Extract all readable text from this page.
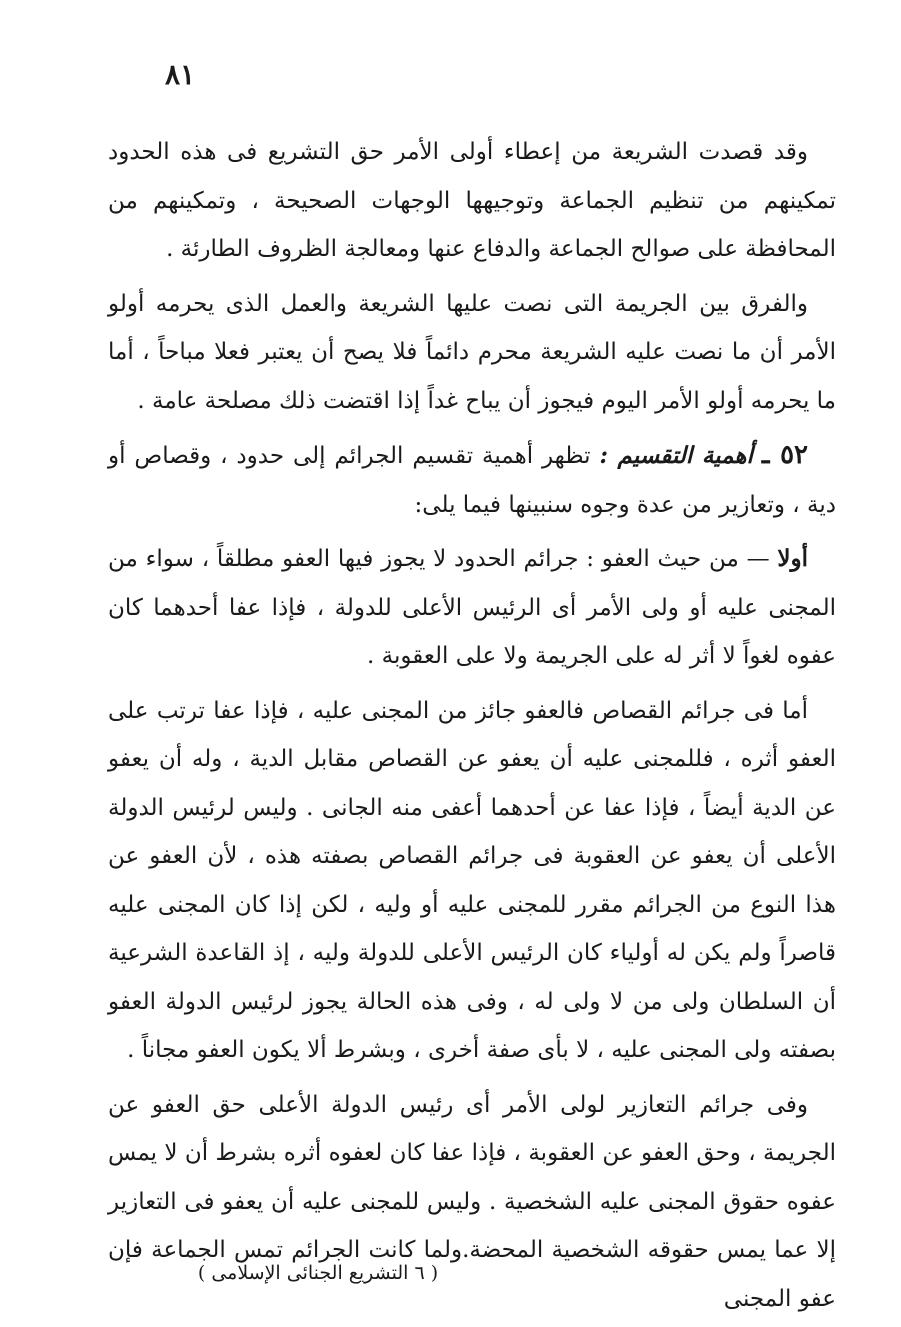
٨١

وقد قصدت الشريعة من إعطاء أولى الأمر حق التشريع فى هذه الحدود تمكينهم من تنظيم الجماعة وتوجيهها الوجهات الصحيحة ، وتمكينهم من المحافظة على صوالح الجماعة والدفاع عنها ومعالجة الظروف الطارئة .

والفرق بين الجريمة التى نصت عليها الشريعة والعمل الذى يحرمه أولو الأمر أن ما نصت عليه الشريعة محرم دائماً فلا يصح أن يعتبر فعلا مباحاً ، أما ما يحرمه أولو الأمر اليوم فيجوز أن يباح غداً إذا اقتضت ذلك مصلحة عامة .

٥٢ ـ أهمية التقسيم : تظهر أهمية تقسيم الجرائم إلى حدود ، وقصاص أو دية ، وتعازير من عدة وجوه سنبينها فيما يلى:

أولا — من حيث العفو : جرائم الحدود لا يجوز فيها العفو مطلقاً ، سواء من المجنى عليه أو ولى الأمر أى الرئيس الأعلى للدولة ، فإذا عفا أحدهما كان عفوه لغواً لا أثر له على الجريمة ولا على العقوبة .

أما فى جرائم القصاص فالعفو جائز من المجنى عليه ، فإذا عفا ترتب على العفو أثره ، فللمجنى عليه أن يعفو عن القصاص مقابل الدية ، وله أن يعفو عن الدية أيضاً ، فإذا عفا عن أحدهما أعفى منه الجانى . وليس لرئيس الدولة الأعلى أن يعفو عن العقوبة فى جرائم القصاص بصفته هذه ، لأن العفو عن هذا النوع من الجرائم مقرر للمجنى عليه أو وليه ، لكن إذا كان المجنى عليه قاصراً ولم يكن له أولياء كان الرئيس الأعلى للدولة وليه ، إذ القاعدة الشرعية أن السلطان ولى من لا ولى له ، وفى هذه الحالة يجوز لرئيس الدولة العفو بصفته ولى المجنى عليه ، لا بأى صفة أخرى ، وبشرط ألا يكون العفو مجاناً .

وفى جرائم التعازير لولى الأمر أى رئيس الدولة الأعلى حق العفو عن الجريمة ، وحق العفو عن العقوبة ، فإذا عفا كان لعفوه أثره بشرط أن لا يمس عفوه حقوق المجنى عليه الشخصية . وليس للمجنى عليه أن يعفو فى التعازير إلا عما يمس حقوقه الشخصية المحضة.ولما كانت الجرائم تمس الجماعة فإن عفو المجنى

( ٦ التشريع الجنائى الإسلامى )
